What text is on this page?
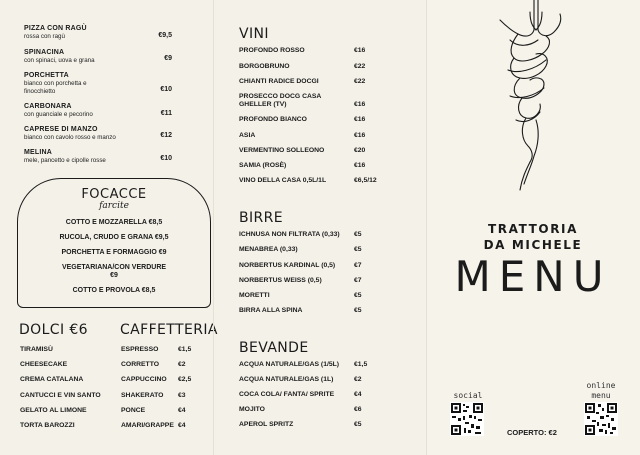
PIZZA CON RAGÙ
rossa con ragù	€9,5
SPINACINA
con spinaci, uova e grana	€9
PORCHETTA
bianco con porchetta e
finocchietto	€10
CARBONARA
con guanciale e pecorino	€11
CAPRESE DI MANZO
bianco con cavolo rosso e manzo	€12
MELINA
mele, pancetto e cipolle rosse	€10
FOCACCE
farcite
COTTO E MOZZARELLA €8,5
RUCOLA, CRUDO E GRANA €9,5
PORCHETTA E FORMAGGIO €9
VEGETARIANA/CON VERDURE €9
COTTO E PROVOLA €8,5
DOLCI €6
TIRAMISÙ
CHEESECAKE
CREMA CATALANA
CANTUCCI E VIN SANTO
GELATO AL LIMONE
TORTA BAROZZI
CAFFETTERIA
ESPRESSO	€1,5
CORRETTO	€2
CAPPUCCINO €2,5
SHAKERATO €3
PONCE	€4
AMARI/GRAPPE €4
VINI
PROFONDO ROSSO	€16
BORGOBRUNO	€22
CHIANTI RADICE DOCGI	€22
PROSECCO DOCG CASA GHELLER (TV)	€16
PROFONDO BIANCO	€16
ASIA	€16
VERMENTINO SOLLEONO	€20
SAMIA (ROSÈ)	€16
VINO DELLA CASA 0,5L/1L	€6,5/12
BIRRE
ICHNUSA NON FILTRATA (0,33) €5
MENABREA (0,33)	€5
NORBERTUS KARDINAL (0,5)	€7
NORBERTUS WEISS (0,5)	€7
MORETTI	€5
BIRRA ALLA SPINA	€5
BEVANDE
ACQUA NATURALE/GAS (1/5L) €1,5
ACQUA NATURALE/GAS (1L)	€2
COCA COLA/ FANTA/ SPRITE	€4
MOJITO	€6
APEROL SPRITZ	€5
TRATTORIA
DA MICHELE
MENU
social
online
menu
COPERTO: €2
